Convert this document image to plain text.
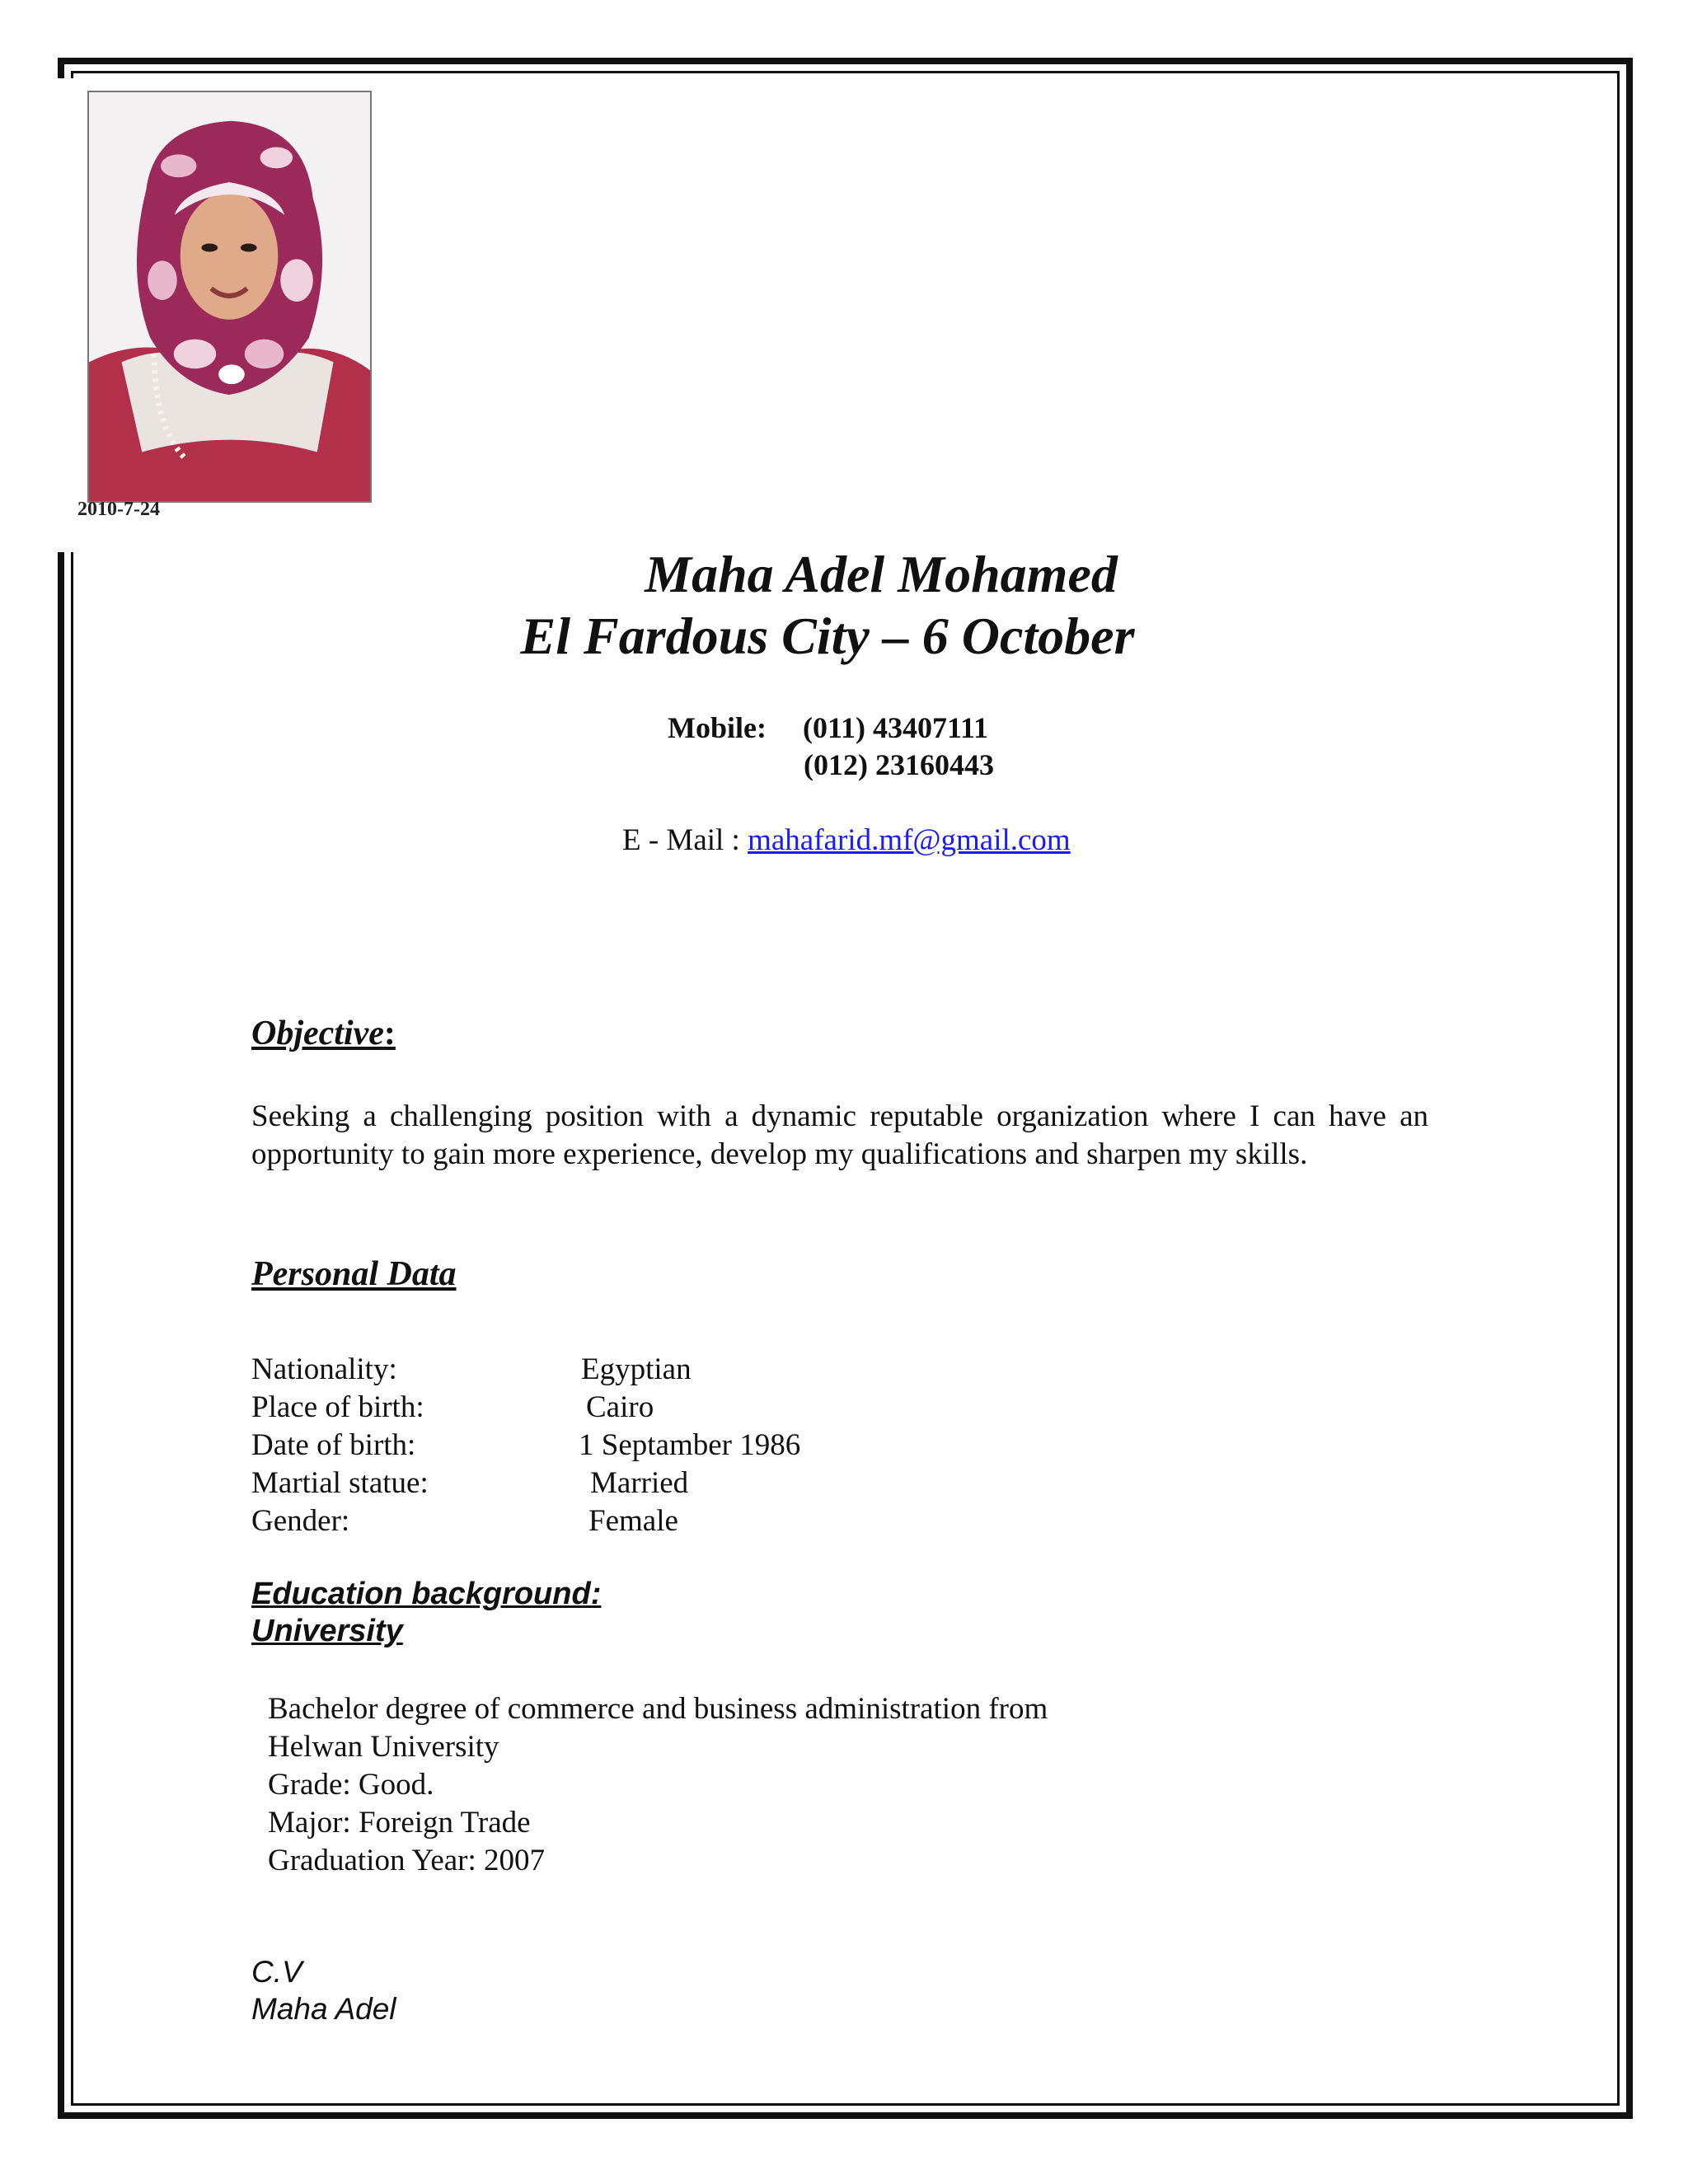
2010-7-24
Maha Adel Mohamed
El Fardous City – 6 October
Mobile: (011) 43407111
(012) 23160443
E - Mail : mahafarid.mf@gmail.com
Objective:
Seeking a challenging position with a dynamic reputable organization where I can have an opportunity to gain more experience, develop my qualifications and sharpen my skills.
Personal Data
Nationality:	Egyptian
Place of birth:	Cairo
Date of birth:	1 Septamber 1986
Martial statue:	Married
Gender:	Female
Education background:
University
Bachelor degree of commerce and business administration from
Helwan University
Grade: Good.
Major: Foreign Trade
Graduation Year: 2007
C.V
Maha Adel
